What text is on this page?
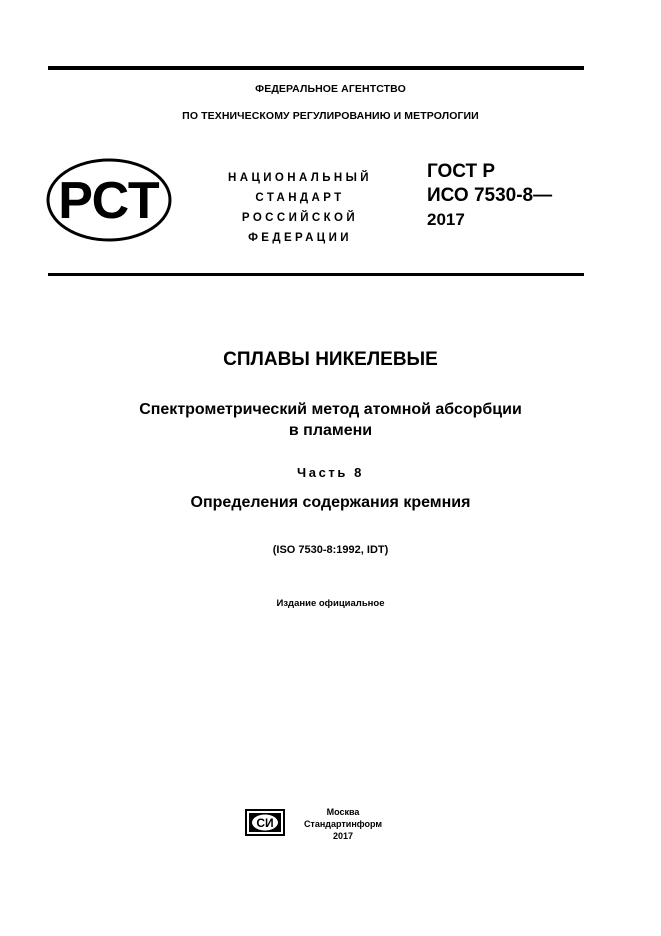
ФЕДЕРАЛЬНОЕ АГЕНТСТВО
ПО ТЕХНИЧЕСКОМУ РЕГУЛИРОВАНИЮ И МЕТРОЛОГИИ
РСТ	НАЦИОНАЛЬНЫЙ
СТАНДАРТ
РОССИЙСКОЙ
ФЕДЕРАЦИИ
ГОСТ Р
ИСО 7530-8—
2017
СПЛАВЫ НИКЕЛЕВЫЕ
Спектрометрический метод атомной абсорбции
в пламени
Часть 8
Определения содержания кремния
(ISO 7530-8:1992, IDT)
Издание официальное
СИ
Москва
Стандартинформ
2017
